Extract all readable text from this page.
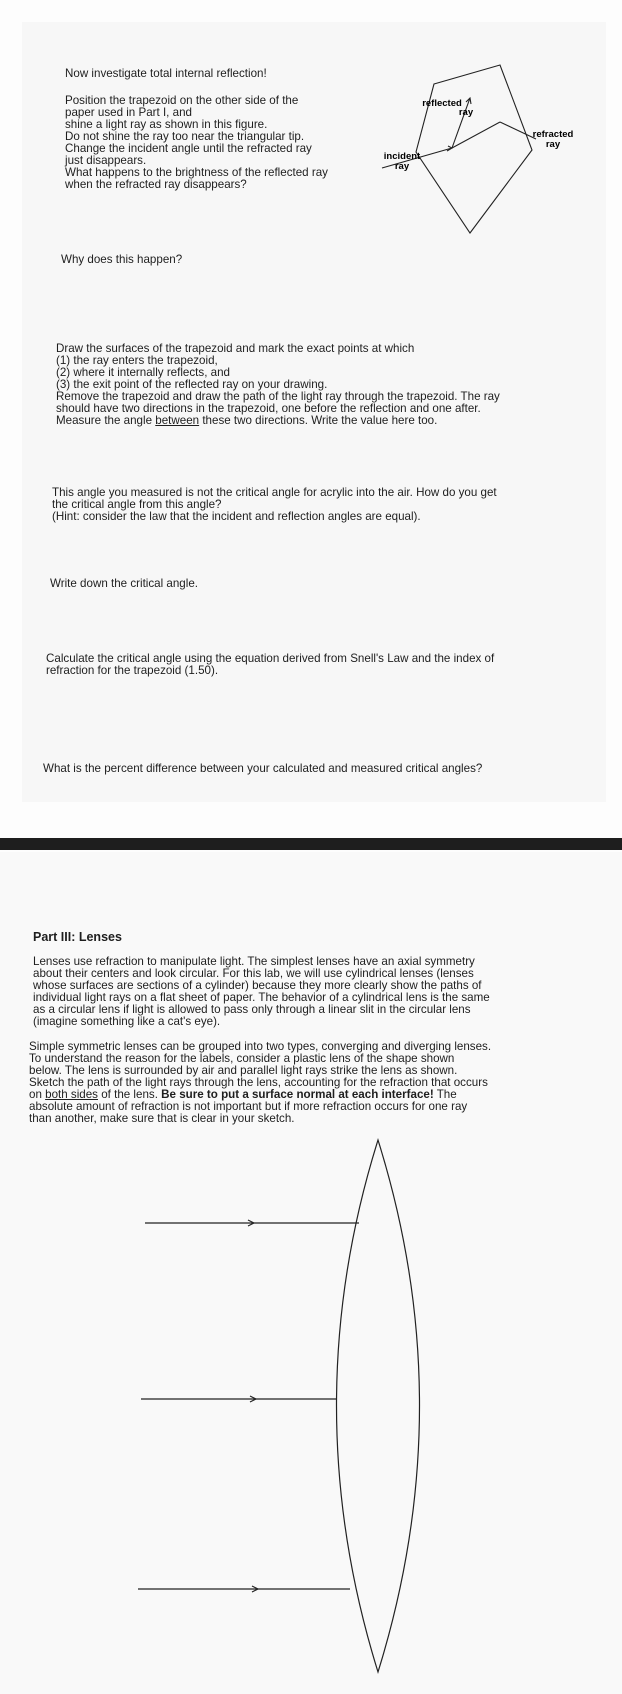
Now investigate total internal reflection!
Position the trapezoid on the other side of the
paper used in Part I, and
shine a light ray as shown in this figure.
Do not shine the ray too near the triangular tip.
Change the incident angle until the refracted ray
just disappears.
What happens to the brightness of the reflected ray
when the refracted ray disappears?
reflected
ray
refracted
ray
incident
ray
Why does this happen?
Draw the surfaces of the trapezoid and mark the exact points at which
(1) the ray enters the trapezoid,
(2) where it internally reflects, and
(3) the exit point of the reflected ray on your drawing.
Remove the trapezoid and draw the path of the light ray through the trapezoid. The ray
should have two directions in the trapezoid, one before the reflection and one after.
Measure the angle between these two directions. Write the value here too.
This angle you measured is not the critical angle for acrylic into the air. How do you get
the critical angle from this angle?
(Hint: consider the law that the incident and reflection angles are equal).
Write down the critical angle.
Calculate the critical angle using the equation derived from Snell's Law and the index of
refraction for the trapezoid (1.50).
What is the percent difference between your calculated and measured critical angles?
Part III: Lenses
Lenses use refraction to manipulate light. The simplest lenses have an axial symmetry
about their centers and look circular. For this lab, we will use cylindrical lenses (lenses
whose surfaces are sections of a cylinder) because they more clearly show the paths of
individual light rays on a flat sheet of paper. The behavior of a cylindrical lens is the same
as a circular lens if light is allowed to pass only through a linear slit in the circular lens
(imagine something like a cat's eye).
Simple symmetric lenses can be grouped into two types, converging and diverging lenses.
To understand the reason for the labels, consider a plastic lens of the shape shown
below. The lens is surrounded by air and parallel light rays strike the lens as shown.
Sketch the path of the light rays through the lens, accounting for the refraction that occurs
on both sides of the lens. Be sure to put a surface normal at each interface! The
absolute amount of refraction is not important but if more refraction occurs for one ray
than another, make sure that is clear in your sketch.
